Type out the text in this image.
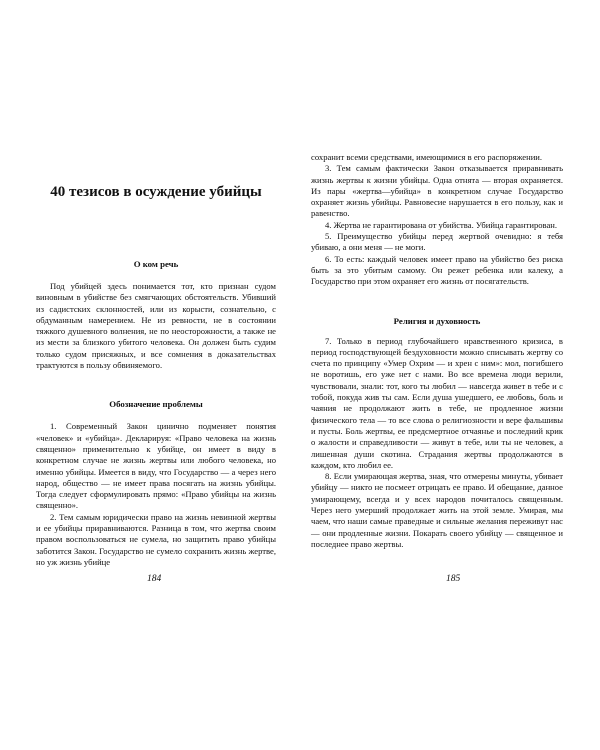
40 тезисов в осуждение убийцы
О ком речь

Под убийцей здесь понимается тот, кто признан судом виновным в убийстве без смягчающих обстоятельств. Убивший из садистских склонностей, или из корысти, сознательно, с обдуманным намерением. Не из ревности, не в состоянии тяжкого душевного волнения, не по неосторожности, а также не из мести за близкого убитого человека. Он должен быть судим только судом присяжных, и все сомнения в доказательствах трактуются в пользу обвиняемого.

Обозначение проблемы

1. Современный Закон цинично подменяет понятия «человек» и «убийца». Декларируя: «Право человека на жизнь священно» применительно к убийце, он имеет в виду в конкретном случае не жизнь жертвы или любого человека, но именно убийцы. Имеется в виду, что Государство — а через него народ, общество — не имеет права посягать на жизнь убийцы. Тогда следует сформулировать прямо: «Право убийцы на жизнь священно».

2. Тем самым юридически право на жизнь невинной жертвы и ее убийцы приравниваются. Разница в том, что жертва своим правом воспользоваться не сумела, но защитить право убийцы заботится Закон. Государство не сумело сохранить жизнь жертве, но уж жизнь убийце

184

сохранит всеми средствами, имеющимися в его распоряжении.

3. Тем самым фактически Закон отказывается приравнивать жизнь жертвы к жизни убийцы. Одна отнята — вторая охраняется. Из пары «жертва—убийца» в конкретном случае Государство охраняет жизнь убийцы. Равновесие нарушается в его пользу, как и равенство.

4. Жертва не гарантирована от убийства. Убийца гарантирован.

5. Преимущество убийцы перед жертвой очевидно: я тебя убиваю, а они меня — не моги.

6. То есть: каждый человек имеет право на убийство без риска быть за это убитым самому. Он режет ребенка или калеку, а Государство при этом охраняет его жизнь от посягательств.

Религия и духовность

7. Только в период глубочайшего нравственного кризиса, в период господствующей бездуховности можно списывать жертву со счета по принципу «Умер Охрим — и хрен с ним»: мол, погибшего не воротишь, его уже нет с нами. Во все времена люди верили, чувствовали, знали: тот, кого ты любил — навсегда живет в тебе и с тобой, покуда жив ты сам. Если душа ушедшего, ее любовь, боль и чаяния не продолжают жить в тебе, не продленное жизни физического тела — то все слова о религиозности и вере фальшивы и пусты. Боль жертвы, ее предсмертное отчаянье и последний крик о жалости и справедливости — живут в тебе, или ты не человек, а лишенная души скотина. Страдания жертвы продолжаются в каждом, кто любил ее.

8. Если умирающая жертва, зная, что отмерены минуты, убивает убийцу — никто не посмеет отрицать ее право. И обещание, данное умирающему, всегда и у всех народов почиталось священным. Через него умерший продолжает жить на этой земле. Умирая, мы чаем, что наши самые праведные и сильные желания переживут нас — они продленные жизни. Покарать своего убийцу — священное и последнее право жертвы.

185
